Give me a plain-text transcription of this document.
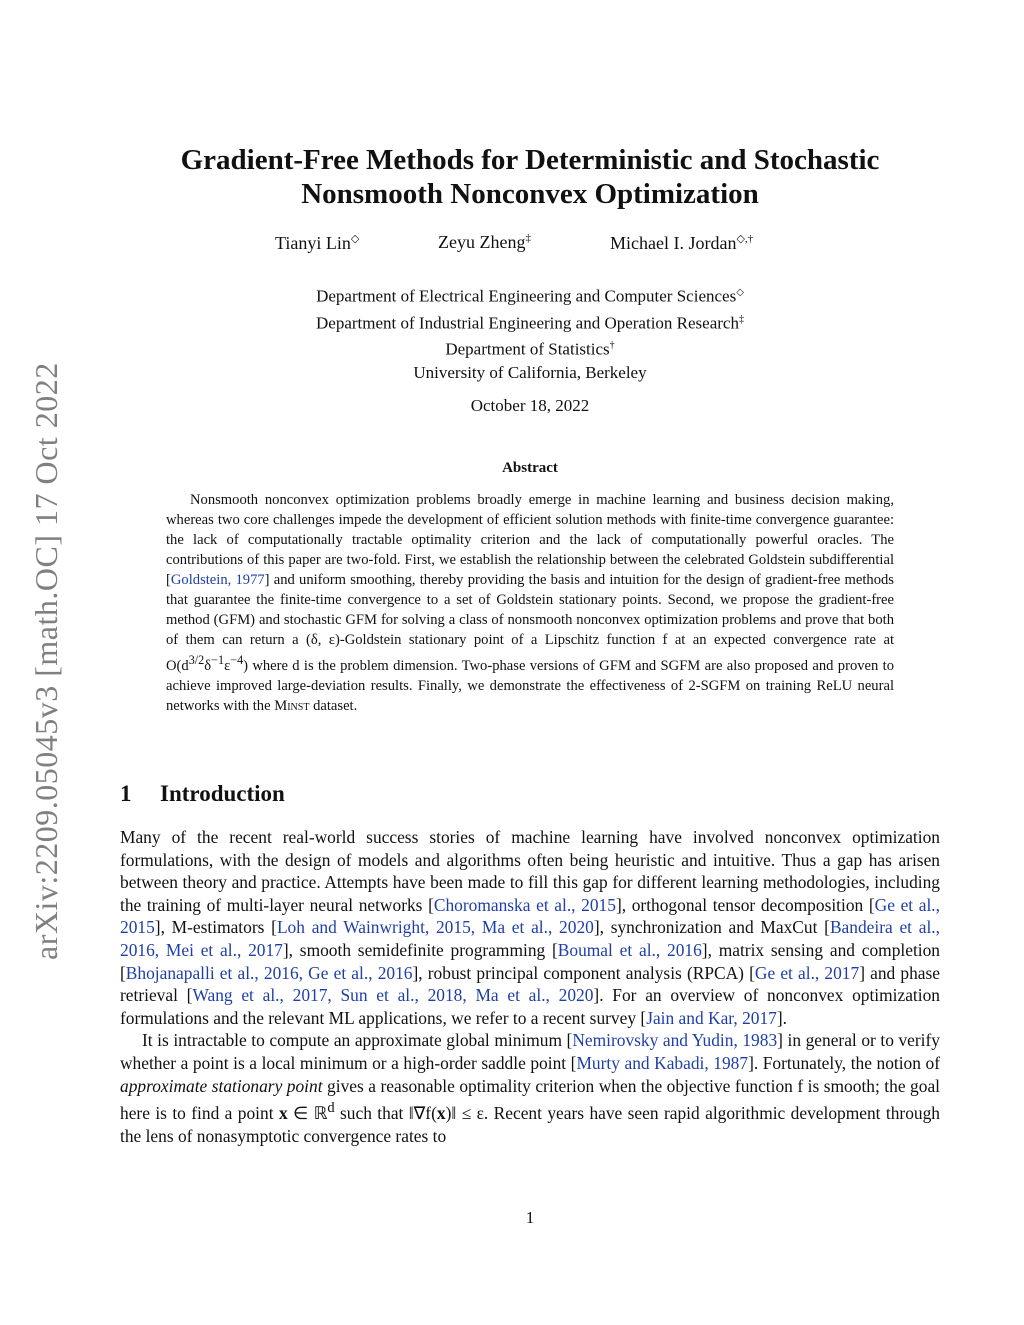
arXiv:2209.05045v3 [math.OC] 17 Oct 2022
Gradient-Free Methods for Deterministic and Stochastic Nonsmooth Nonconvex Optimization
Tianyi Lin◇	Zeyu Zheng‡	Michael I. Jordan◇,†
Department of Electrical Engineering and Computer Sciences◇
Department of Industrial Engineering and Operation Research‡
Department of Statistics†
University of California, Berkeley
October 18, 2022
Abstract

Nonsmooth nonconvex optimization problems broadly emerge in machine learning and business decision making, whereas two core challenges impede the development of efficient solution methods with finite-time convergence guarantee: the lack of computationally tractable optimality criterion and the lack of computationally powerful oracles. The contributions of this paper are two-fold. First, we establish the relationship between the celebrated Goldstein subdifferential [Goldstein, 1977] and uniform smoothing, thereby providing the basis and intuition for the design of gradient-free methods that guarantee the finite-time convergence to a set of Goldstein stationary points. Second, we propose the gradient-free method (GFM) and stochastic GFM for solving a class of nonsmooth nonconvex optimization problems and prove that both of them can return a (δ, ε)-Goldstein stationary point of a Lipschitz function f at an expected convergence rate at $O(d^{3/2}\delta^{-1}\varepsilon^{-4})$ where d is the problem dimension. Two-phase versions of GFM and SGFM are also proposed and proven to achieve improved large-deviation results. Finally, we demonstrate the effectiveness of 2-SGFM on training ReLU neural networks with the Minst dataset.

1 Introduction

Many of the recent real-world success stories of machine learning have involved nonconvex optimization formulations, with the design of models and algorithms often being heuristic and intuitive. Thus a gap has arisen between theory and practice. Attempts have been made to fill this gap for different learning methodologies, including the training of multi-layer neural networks [Choromanska et al., 2015], orthogonal tensor decomposition [Ge et al., 2015], M-estimators [Loh and Wainwright, 2015, Ma et al., 2020], synchronization and MaxCut [Bandeira et al., 2016, Mei et al., 2017], smooth semidefinite programming [Boumal et al., 2016], matrix sensing and completion [Bhojanapalli et al., 2016, Ge et al., 2016], robust principal component analysis (RPCA) [Ge et al., 2017] and phase retrieval [Wang et al., 2017, Sun et al., 2018, Ma et al., 2020]. For an overview of nonconvex optimization formulations and the relevant ML applications, we refer to a recent survey [Jain and Kar, 2017].

It is intractable to compute an approximate global minimum [Nemirovsky and Yudin, 1983] in general or to verify whether a point is a local minimum or a high-order saddle point [Murty and Kabadi, 1987]. Fortunately, the notion of approximate stationary point gives a reasonable optimality criterion when the objective function f is smooth; the goal here is to find a point x ∈ ℝ$^d$ such that ‖∇f(x)‖ ≤ ε. Recent years have seen rapid algorithmic development through the lens of nonasymptotic convergence rates to

1
